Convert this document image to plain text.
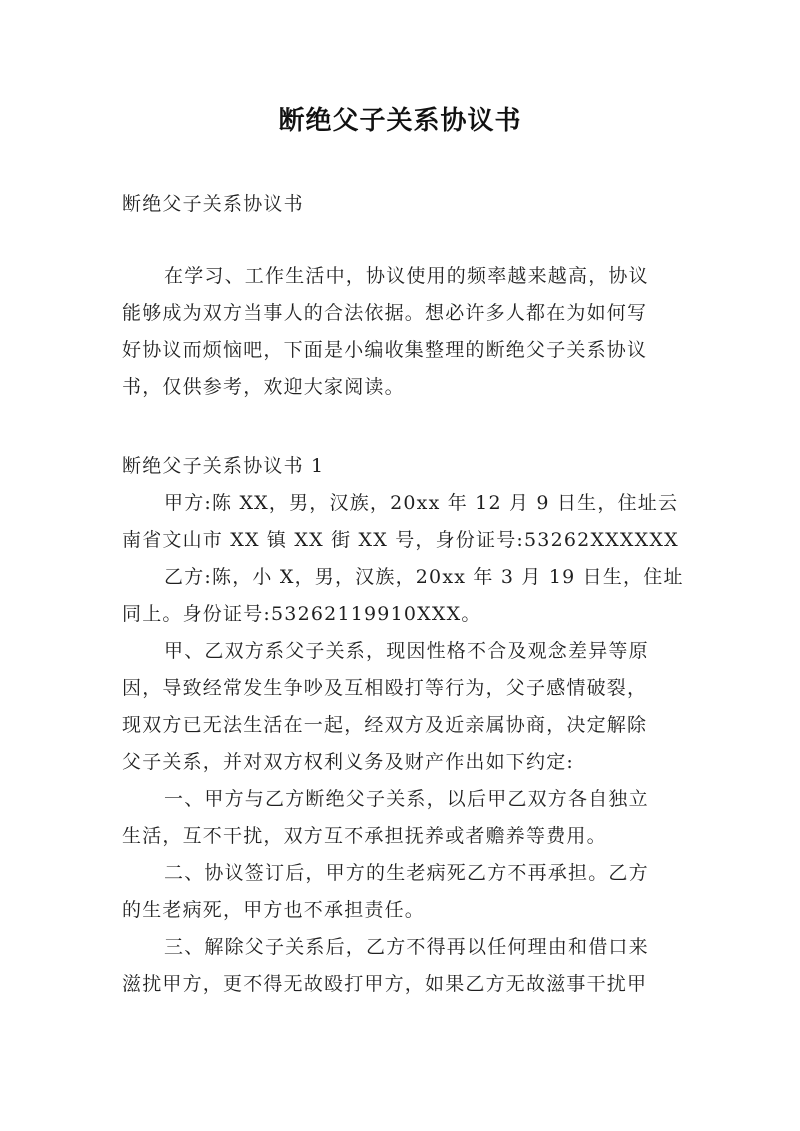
断绝父子关系协议书
断绝父子关系协议书
在学习、工作生活中，协议使用的频率越来越高，协议
能够成为双方当事人的合法依据。想必许多人都在为如何写
好协议而烦恼吧，下面是小编收集整理的断绝父子关系协议
书，仅供参考，欢迎大家阅读。
断绝父子关系协议书 1
甲方:陈 XX，男，汉族，20xx 年 12 月 9 日生，住址云
南省文山市 XX 镇 XX 街 XX 号，身份证号:53262XXXXXX
乙方:陈，小 X，男，汉族，20xx 年 3 月 19 日生，住址
同上。身份证号:53262119910XXX。
甲、乙双方系父子关系，现因性格不合及观念差异等原
因，导致经常发生争吵及互相殴打等行为，父子感情破裂，
现双方已无法生活在一起，经双方及近亲属协商，决定解除
父子关系，并对双方权利义务及财产作出如下约定:
一、甲方与乙方断绝父子关系，以后甲乙双方各自独立
生活，互不干扰，双方互不承担抚养或者赡养等费用。
二、协议签订后，甲方的生老病死乙方不再承担。乙方
的生老病死，甲方也不承担责任。
三、解除父子关系后，乙方不得再以任何理由和借口来
滋扰甲方，更不得无故殴打甲方，如果乙方无故滋事干扰甲
